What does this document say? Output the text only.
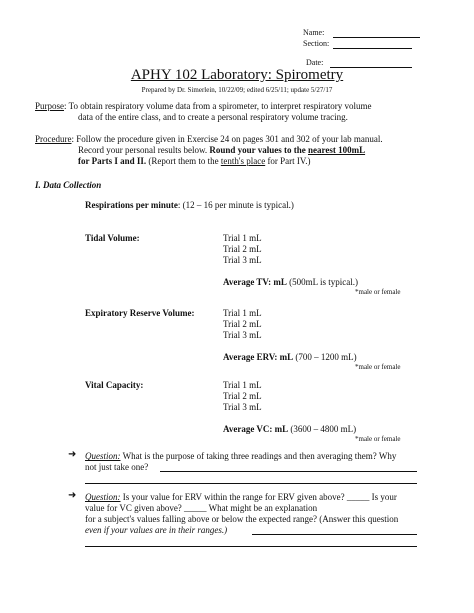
Name:
Section:
Date:
APHY 102 Laboratory: Spirometry
Prepared by Dr. Simerlein, 10/22/09; edited 6/25/11; update 5/27/17
Purpose: To obtain respiratory volume data from a spirometer, to interpret respiratory volume
data of the entire class, and to create a personal respiratory volume tracing.
Procedure: Follow the procedure given in Exercise 24 on pages 301 and 302 of your lab manual.
Record your personal results below. Round your values to the nearest 100mL
for Parts I and II. (Report them to the tenth's place for Part IV.)
I. Data Collection
Respirations per minute: (12 – 16 per minute is typical.)
Tidal Volume:	Trial 1 mL
Trial 2 mL
Trial 3 mL
Average TV: mL (500mL is typical.)
*male or female
Expiratory Reserve Volume:	Trial 1 mL
Trial 2 mL
Trial 3 mL
Average ERV: mL (700 – 1200 mL)
*male or female
Vital Capacity:	Trial 1 mL
Trial 2 mL
Trial 3 mL
Average VC: mL (3600 – 4800 mL)
*male or female
➜ Question: What is the purpose of taking three readings and then averaging them? Why
not just take one?
➜ Question: Is your value for ERV within the range for ERV given above? _____ Is your
value for VC given above? _____ What might be an explanation
for a subject's values falling above or below the expected range? (Answer this question
even if your values are in their ranges.)
